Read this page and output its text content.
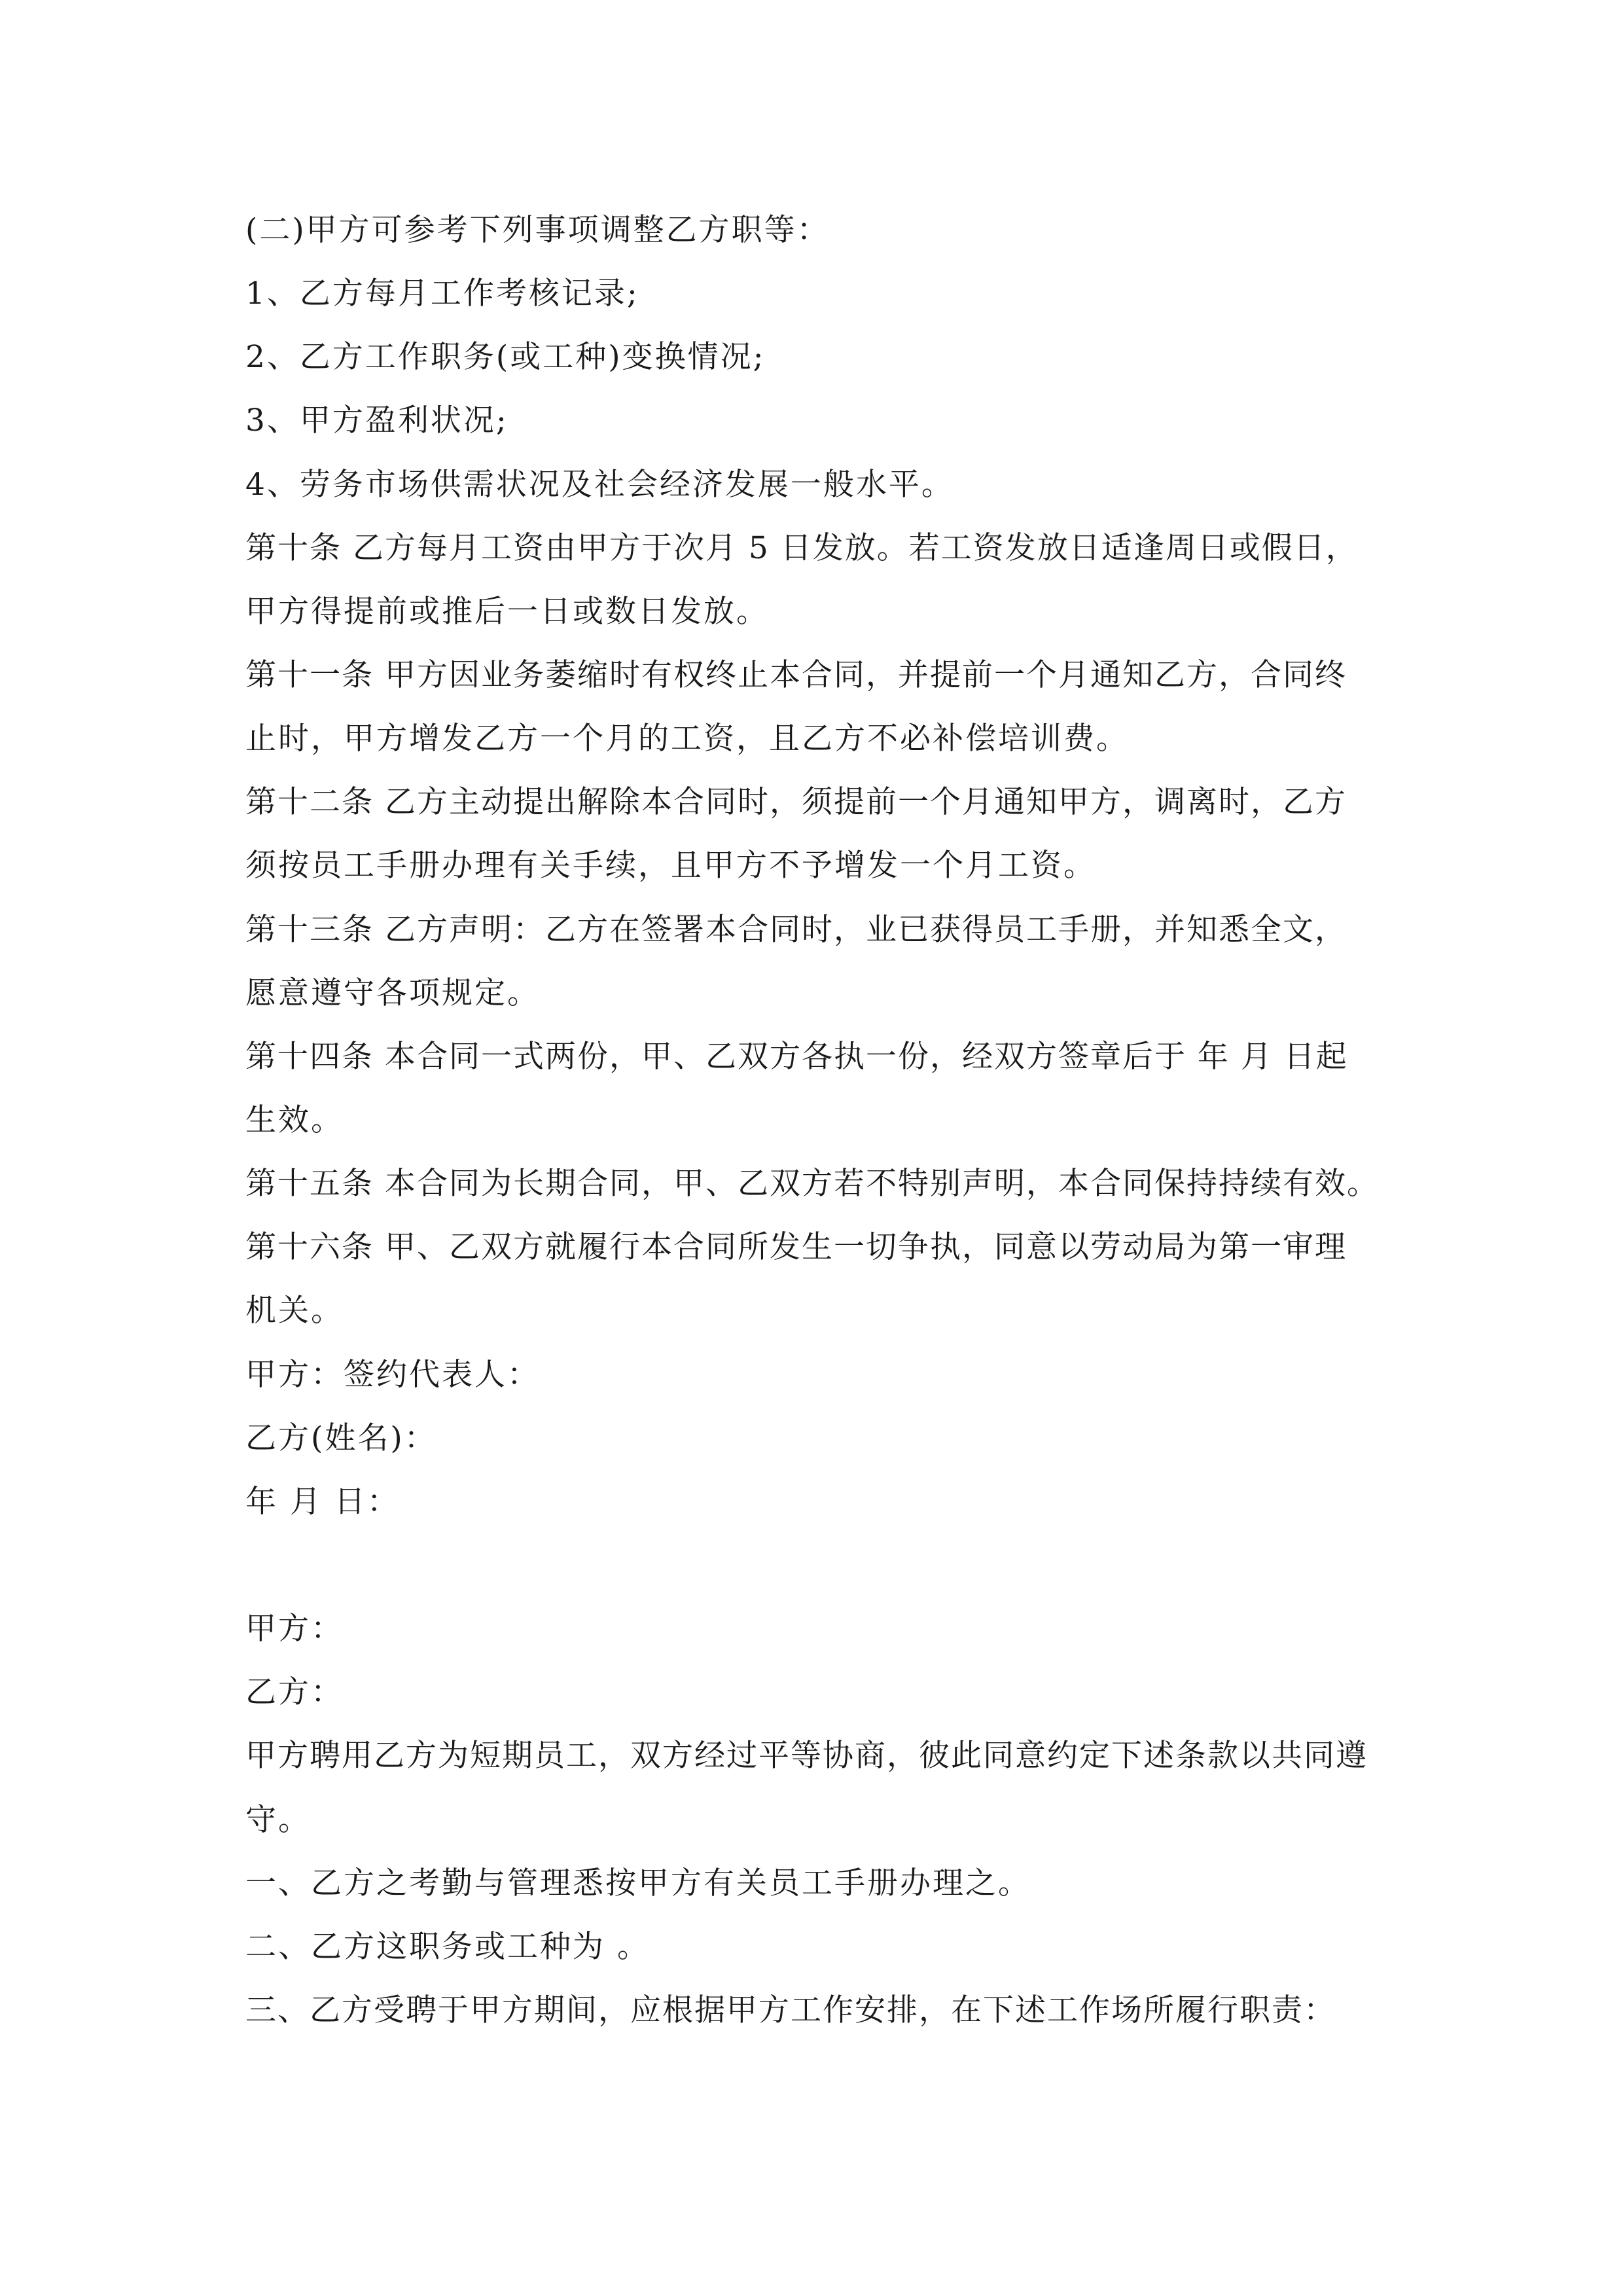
(二)甲方可参考下列事项调整乙方职等：
1、乙方每月工作考核记录;
2、乙方工作职务(或工种)变换情况;
3、甲方盈利状况;
4、劳务市场供需状况及社会经济发展一般水平。
第十条 乙方每月工资由甲方于次月 5 日发放。若工资发放日适逢周日或假日，
甲方得提前或推后一日或数日发放。
第十一条 甲方因业务萎缩时有权终止本合同，并提前一个月通知乙方，合同终
止时，甲方增发乙方一个月的工资，且乙方不必补偿培训费。
第十二条 乙方主动提出解除本合同时，须提前一个月通知甲方，调离时，乙方
须按员工手册办理有关手续，且甲方不予增发一个月工资。
第十三条 乙方声明：乙方在签署本合同时，业已获得员工手册，并知悉全文，
愿意遵守各项规定。
第十四条 本合同一式两份，甲、乙双方各执一份，经双方签章后于 年 月 日起
生效。
第十五条 本合同为长期合同，甲、乙双方若不特别声明，本合同保持持续有效。
第十六条 甲、乙双方就履行本合同所发生一切争执，同意以劳动局为第一审理
机关。
甲方：签约代表人：
乙方(姓名)：
年 月 日：
甲方：
乙方：
甲方聘用乙方为短期员工，双方经过平等协商，彼此同意约定下述条款以共同遵
守。
一、乙方之考勤与管理悉按甲方有关员工手册办理之。
二、乙方这职务或工种为 。
三、乙方受聘于甲方期间，应根据甲方工作安排，在下述工作场所履行职责：
